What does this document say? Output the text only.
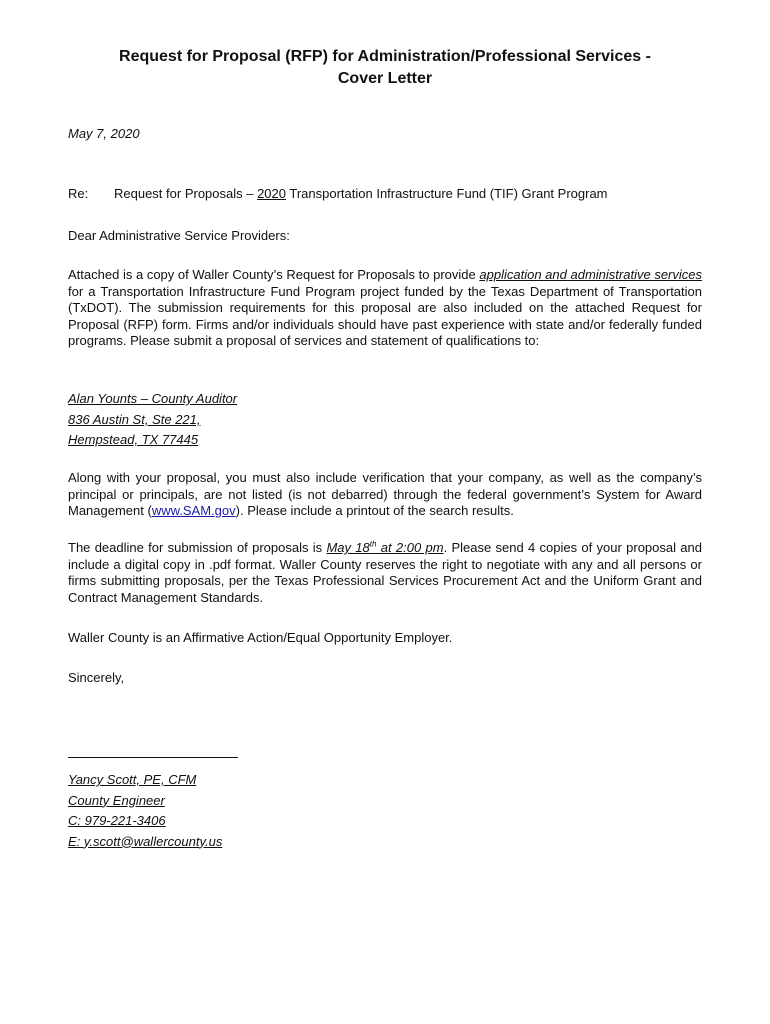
Request for Proposal (RFP) for Administration/Professional Services -
Cover Letter
May 7, 2020
Re: Request for Proposals – 2020 Transportation Infrastructure Fund (TIF) Grant Program
Dear Administrative Service Providers:
Attached is a copy of Waller County’s Request for Proposals to provide application and administrative services for a Transportation Infrastructure Fund Program project funded by the Texas Department of Transportation (TxDOT). The submission requirements for this proposal are also included on the attached Request for Proposal (RFP) form. Firms and/or individuals should have past experience with state and/or federally funded programs. Please submit a proposal of services and statement of qualifications to:
Alan Younts – County Auditor
836 Austin St, Ste 221,
Hempstead, TX 77445
Along with your proposal, you must also include verification that your company, as well as the company’s principal or principals, are not listed (is not debarred) through the federal government’s System for Award Management (www.SAM.gov). Please include a printout of the search results.
The deadline for submission of proposals is May 18th at 2:00 pm. Please send 4 copies of your proposal and include a digital copy in .pdf format. Waller County reserves the right to negotiate with any and all persons or firms submitting proposals, per the Texas Professional Services Procurement Act and the Uniform Grant and Contract Management Standards.
Waller County is an Affirmative Action/Equal Opportunity Employer.
Sincerely,
Yancy Scott, PE, CFM
County Engineer
C: 979-221-3406
E: y.scott@wallercounty.us
